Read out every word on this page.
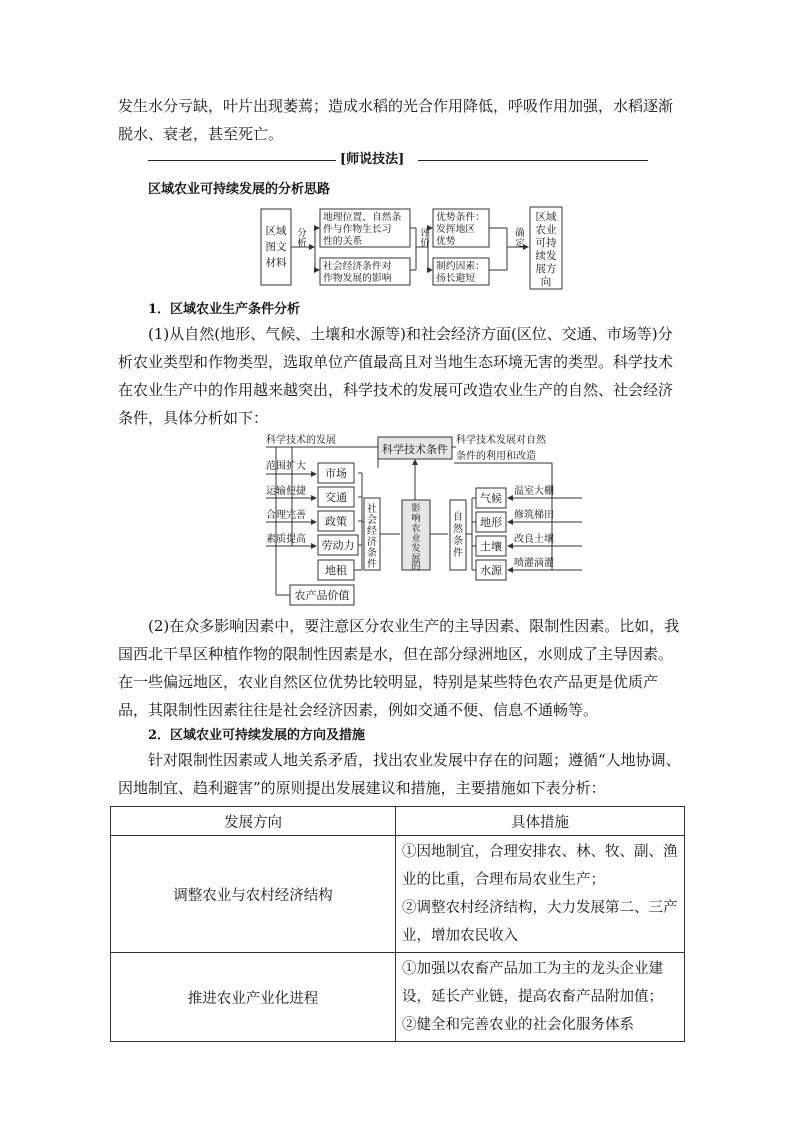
发生水分亏缺，叶片出现萎蔫；造成水稻的光合作用降低，呼吸作用加强，水稻逐渐脱水、衰老，甚至死亡。

[师说技法]
区域农业可持续发展的分析思路
区域图文材料
分析
地理位置、自然条件与作物生长习性的关系
社会经济条件对作物发展的影响
评价
优势条件：发挥地区优势
制约因素：扬长避短
确定
区域农业可持续发展方向
1．区域农业生产条件分析

(1)从自然(地形、气候、土壤和水源等)和社会经济方面(区位、交通、市场等)分析农业类型和作物类型，选取单位产值最高且对当地生态环境无害的类型。科学技术在农业生产中的作用越来越突出，科学技术的发展可改造农业生产的自然、社会经济条件，具体分析如下：

科学技术的发展
科学技术条件
科学技术发展对自然条件的利用和改造
范围扩大 运输便捷 合理完善 素质提高
市场
交通
政策
劳动力
地租
农产品价值
社会经济条件
影响农业发展的
自然条件
气候
地形
土壤
水源
温室大棚 修筑梯田 改良土壤 喷灌滴灌

(2)在众多影响因素中，要注意区分农业生产的主导因素、限制性因素。比如，我国西北干旱区种植作物的限制性因素是水，但在部分绿洲地区，水则成了主导因素。在一些偏远地区，农业自然区位优势比较明显，特别是某些特色农产品更是优质产品，其限制性因素往往是社会经济因素，例如交通不便、信息不通畅等。

2．区域农业可持续发展的方向及措施

针对限制性因素或人地关系矛盾，找出农业发展中存在的问题；遵循“人地协调、因地制宜、趋利避害”的原则提出发展建议和措施，主要措施如下表分析：

发展方向	具体措施
调整农业与农村经济结构	①因地制宜，合理安排农、林、牧、副、渔业的比重，合理布局农业生产；
②调整农村经济结构，大力发展第二、三产业，增加农民收入

推进农业产业化进程	①加强以农畜产品加工为主的龙头企业建设，延长产业链，提高农畜产品附加值；
②健全和完善农业的社会化服务体系
